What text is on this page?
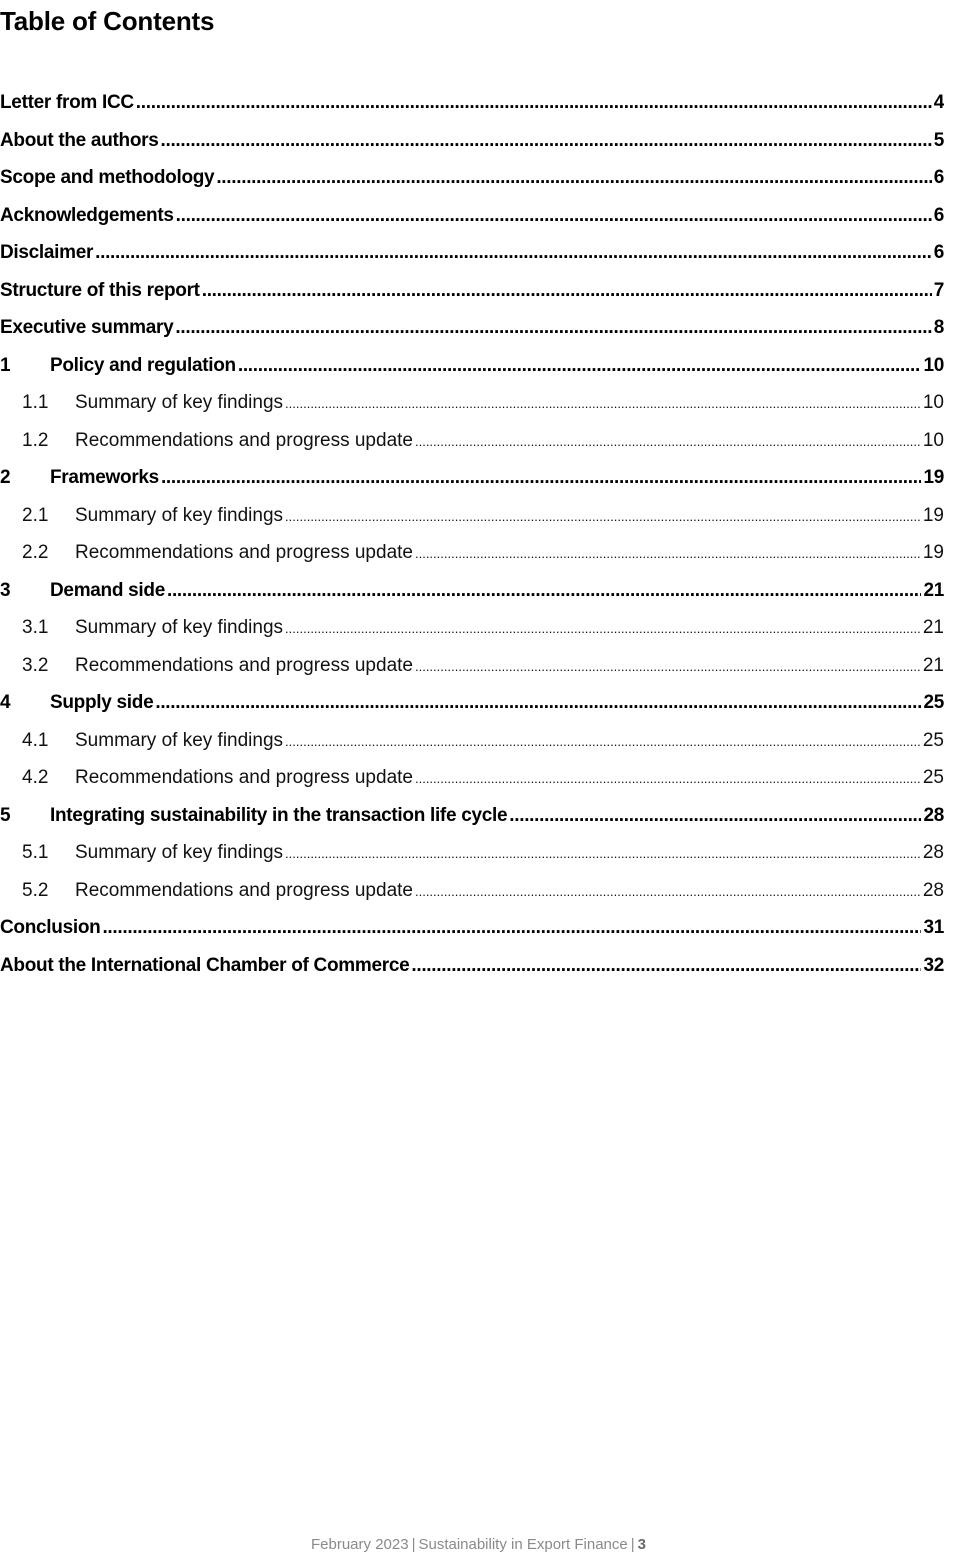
Table of Contents
Letter from ICC .....	4
About the authors .....	5
Scope and methodology .....	6
Acknowledgements .....	6
Disclaimer .....	6
Structure of this report .....	7
Executive summary .....	8
1	Policy and regulation .....	10
1.1	Summary of key findings .....	10
1.2	Recommendations and progress update .....	10
2	Frameworks .....	19
2.1	Summary of key findings .....	19
2.2	Recommendations and progress update .....	19
3	Demand side .....	21
3.1	Summary of key findings .....	21
3.2	Recommendations and progress update .....	21
4	Supply side .....	25
4.1	Summary of key findings .....	25
4.2	Recommendations and progress update .....	25
5	Integrating sustainability in the transaction life cycle .....	28
5.1	Summary of key findings .....	28
5.2	Recommendations and progress update .....	28
Conclusion .....	31
About the International Chamber of Commerce .....	32
February 2023 | Sustainability in Export Finance | 3
